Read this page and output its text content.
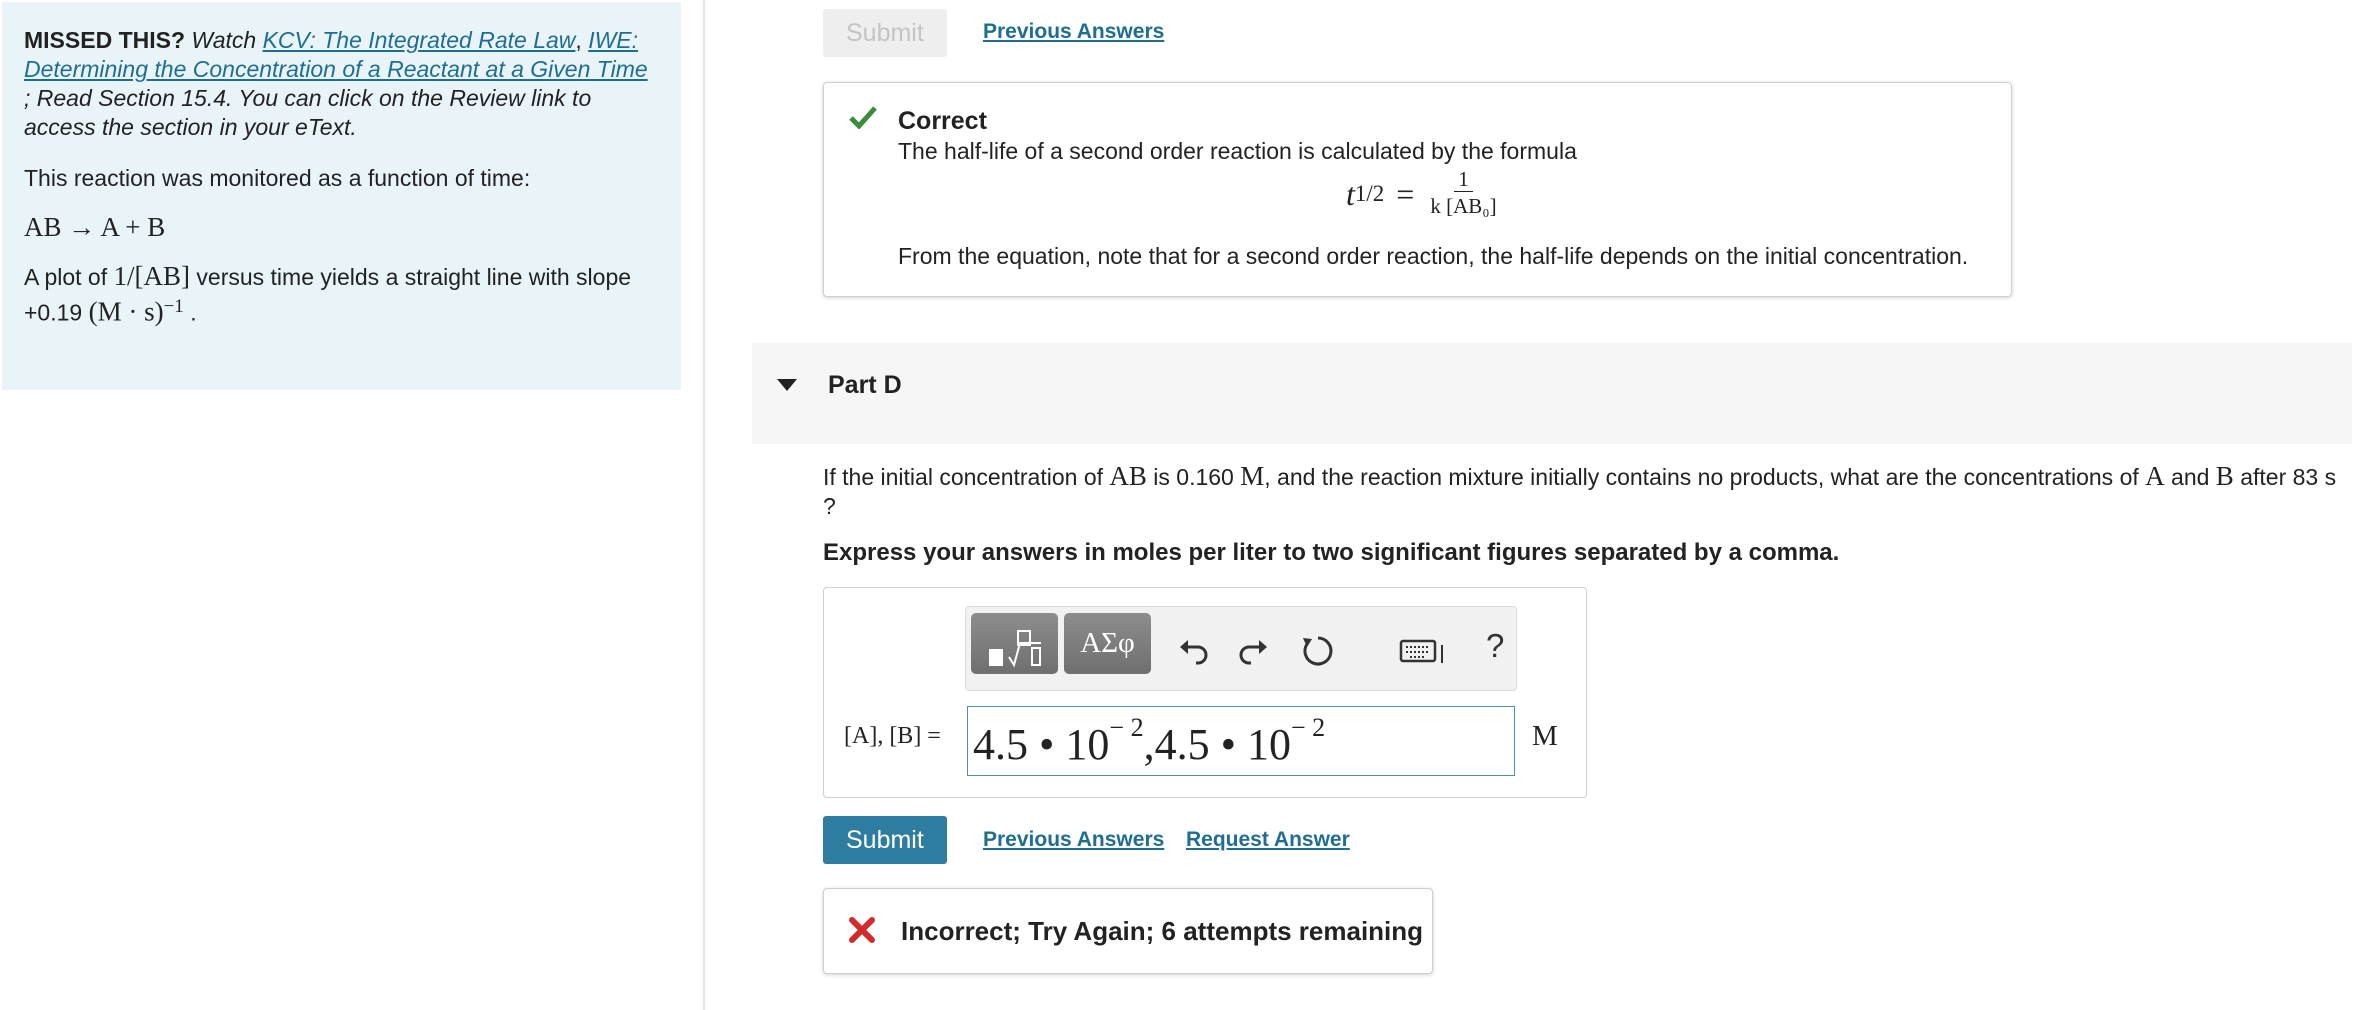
MISSED THIS? Watch KCV: The Integrated Rate Law, IWE: Determining the Concentration of a Reactant at a Given Time
; Read Section 15.4. You can click on the Review link to access the section in your eText.

This reaction was monitored as a function of time:

AB → A + B

A plot of 1/[AB] versus time yields a straight line with slope +0.19 $(M \cdot s)^{-1}$ .

Submit	Previous Answers
Correct
The half-life of a second order reaction is calculated by the formula
t $1/2 = \frac{1}{\text{k [AB₀]}}$
From the equation, note that for a second order reaction, the half-life depends on the initial concentration.
Part D
If the initial concentration of AB is 0.160 M, and the reaction mixture initially contains no products, what are the concentrations of A and B after 83 s ?
Express your answers in moles per liter to two significant figures separated by a comma.
ΑΣφ	?
[A], [B] = 4.5 • $10^{- 2},4.5$ • $10^{- 2}$	M
Submit	Previous Answers Request Answer
Incorrect; Try Again; 6 attempts remaining
